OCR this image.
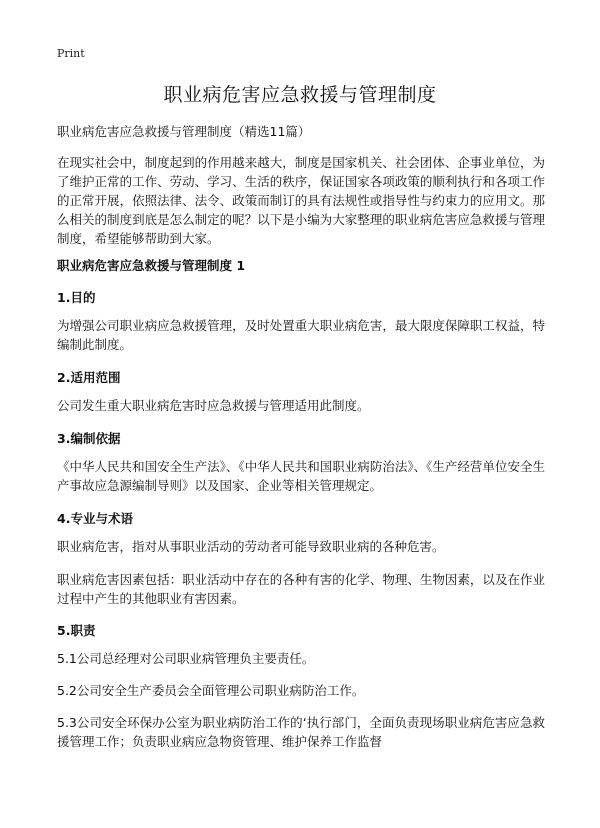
Print
职业病危害应急救援与管理制度
职业病危害应急救援与管理制度（精选11篇）
在现实社会中，制度起到的作用越来越大，制度是国家机关、社会团体、企事业单位，为了维护正常的工作、劳动、学习、生活的秩序，保证国家各项政策的顺利执行和各项工作的正常开展，依照法律、法令、政策而制订的具有法规性或指导性与约束力的应用文。那么相关的制度到底是怎么制定的呢？以下是小编为大家整理的职业病危害应急救援与管理制度，希望能够帮助到大家。
职业病危害应急救援与管理制度 1
1.目的
为增强公司职业病应急救援管理，及时处置重大职业病危害，最大限度保障职工权益，特编制此制度。
2.适用范围
公司发生重大职业病危害时应急救援与管理适用此制度。
3.编制依据
《中华人民共和国安全生产法》、《中华人民共和国职业病防治法》、《生产经营单位安全生产事故应急源编制导则》以及国家、企业等相关管理规定。
4.专业与术语
职业病危害，指对从事职业活动的劳动者可能导致职业病的各种危害。
职业病危害因素包括：职业活动中存在的各种有害的化学、物理、生物因素，以及在作业过程中产生的其他职业有害因素。
5.职责
5.1公司总经理对公司职业病管理负主要责任。
5.2公司安全生产委员会全面管理公司职业病防治工作。
5.3公司安全环保办公室为职业病防治工作的‘执行部门，全面负责现场职业病危害应急救援管理工作；负责职业病应急物资管理、维护保养工作监督
